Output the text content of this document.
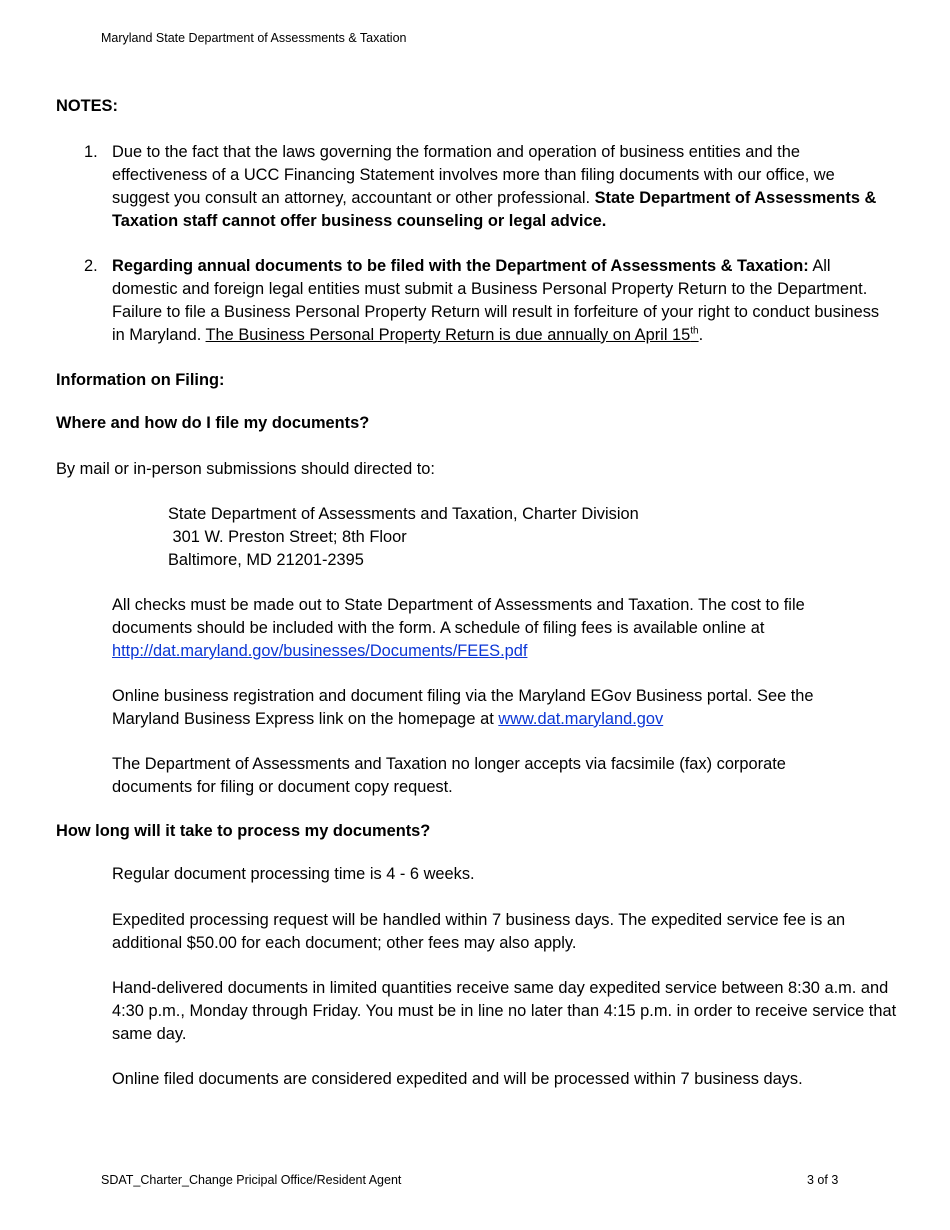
Maryland State Department of Assessments & Taxation

NOTES:

1. Due to the fact that the laws governing the formation and operation of business entities and the effectiveness of a UCC Financing Statement involves more than filing documents with our office, we suggest you consult an attorney, accountant or other professional. State Department of Assessments & Taxation staff cannot offer business counseling or legal advice.

2. Regarding annual documents to be filed with the Department of Assessments & Taxation: All domestic and foreign legal entities must submit a Business Personal Property Return to the Department. Failure to file a Business Personal Property Return will result in forfeiture of your right to conduct business in Maryland. The Business Personal Property Return is due annually on April 15th.

Information on Filing:

Where and how do I file my documents?

By mail or in-person submissions should directed to:

State Department of Assessments and Taxation, Charter Division

301 W. Preston Street; 8th Floor

Baltimore, MD 21201-2395

All checks must be made out to State Department of Assessments and Taxation. The cost to file documents should be included with the form. A schedule of filing fees is available online at
http://dat.maryland.gov/businesses/Documents/FEES.pdf

Online business registration and document filing via the Maryland EGov Business portal. See the Maryland Business Express link on the homepage at www.dat.maryland.gov

The Department of Assessments and Taxation no longer accepts via facsimile (fax) corporate documents for filing or document copy request.

How long will it take to process my documents?

Regular document processing time is 4 - 6 weeks.

Expedited processing request will be handled within 7 business days. The expedited service fee is an additional $50.00 for each document; other fees may also apply.

Hand-delivered documents in limited quantities receive same day expedited service between 8:30 a.m. and 4:30 p.m., Monday through Friday. You must be in line no later than 4:15 p.m. in order to receive service that same day.

Online filed documents are considered expedited and will be processed within 7 business days.

SDAT_Charter_Change Pricipal Office/Resident Agent	3 of 3
